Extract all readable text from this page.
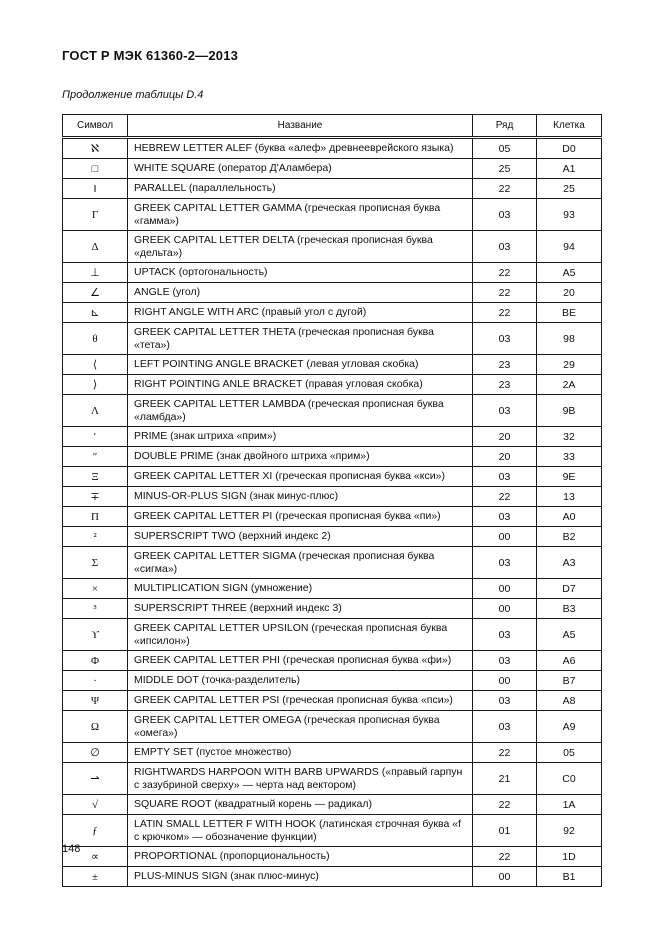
ГОСТ Р МЭК 61360-2—2013
Продолжение таблицы D.4
Символ	Название	Ряд	Клетка
ℵ	HEBREW LETTER ALEF (буква «алеф» древнееврейского языка)	05	D0
□	WHITE SQUARE (оператор Д'Аламбера)	25	A1
‖	PARALLEL (параллельность)	22	25
Γ	GREEK CAPITAL LETTER GAMMA (греческая прописная буква «гамма»)	03	93
Δ	GREEK CAPITAL LETTER DELTA (греческая прописная буква «дельта»)	03	94
⊥	UPTACK (ортогональность)	22	A5
∠	ANGLE (угол)	22	20
⊾	RIGHT ANGLE WITH ARC (правый угол с дугой)	22	BE
θ	GREEK CAPITAL LETTER THETA (греческая прописная буква «тета»)	03	98
⟨	LEFT POINTING ANGLE BRACKET (левая угловая скобка)	23	29
⟩	RIGHT POINTING ANLE BRACKET (правая угловая скобка)	23	2A
Λ	GREEK CAPITAL LETTER LAMBDA (греческая прописная буква «ламбда»)	03	9B
′	PRIME (знак штриха «прим»)	20	32
″	DOUBLE PRIME (знак двойного штриха «прим»)	20	33
Ξ	GREEK CAPITAL LETTER XI (греческая прописная буква «кси»)	03	9E
∓	MINUS-OR-PLUS SIGN (знак минус-плюс)	22	13
Π	GREEK CAPITAL LETTER PI (греческая прописная буква «пи»)	03	A0
²	SUPERSCRIPT TWO (верхний индекс 2)	00	B2
Σ	GREEK CAPITAL LETTER SIGMA (греческая прописная буква «сигма»)	03	A3
×	MULTIPLICATION SIGN (умножение)	00	D7
³	SUPERSCRIPT THREE (верхний индекс 3)	00	B3
ϒ	GREEK CAPITAL LETTER UPSILON (греческая прописная буква «ипсилон»)	03	A5
Φ	GREEK CAPITAL LETTER PHI (греческая прописная буква «фи»)	03	A6
·	MIDDLE DOT (точка-разделитель)	00	B7
Ψ	GREEK CAPITAL LETTER PSI (греческая прописная буква «пси»)	03	A8
Ω	GREEK CAPITAL LETTER OMEGA (греческая прописная буква «омега»)	03	A9
∅	EMPTY SET (пустое множество)	22	05
⇀	RIGHTWARDS HARPOON WITH BARB UPWARDS («правый гарпун с зазубриной сверху» — черта над вектором)	21	C0
√	SQUARE ROOT (квадратный корень — радикал)	22	1A
ƒ	LATIN SMALL LETTER F WITH HOOK (латинская строчная буква «f с крючком» — обозначение функции)	01	92
∝	PROPORTIONAL (пропорциональность)	22	1D
±	PLUS-MINUS SIGN (знак плюс-минус)	00	B1
148
